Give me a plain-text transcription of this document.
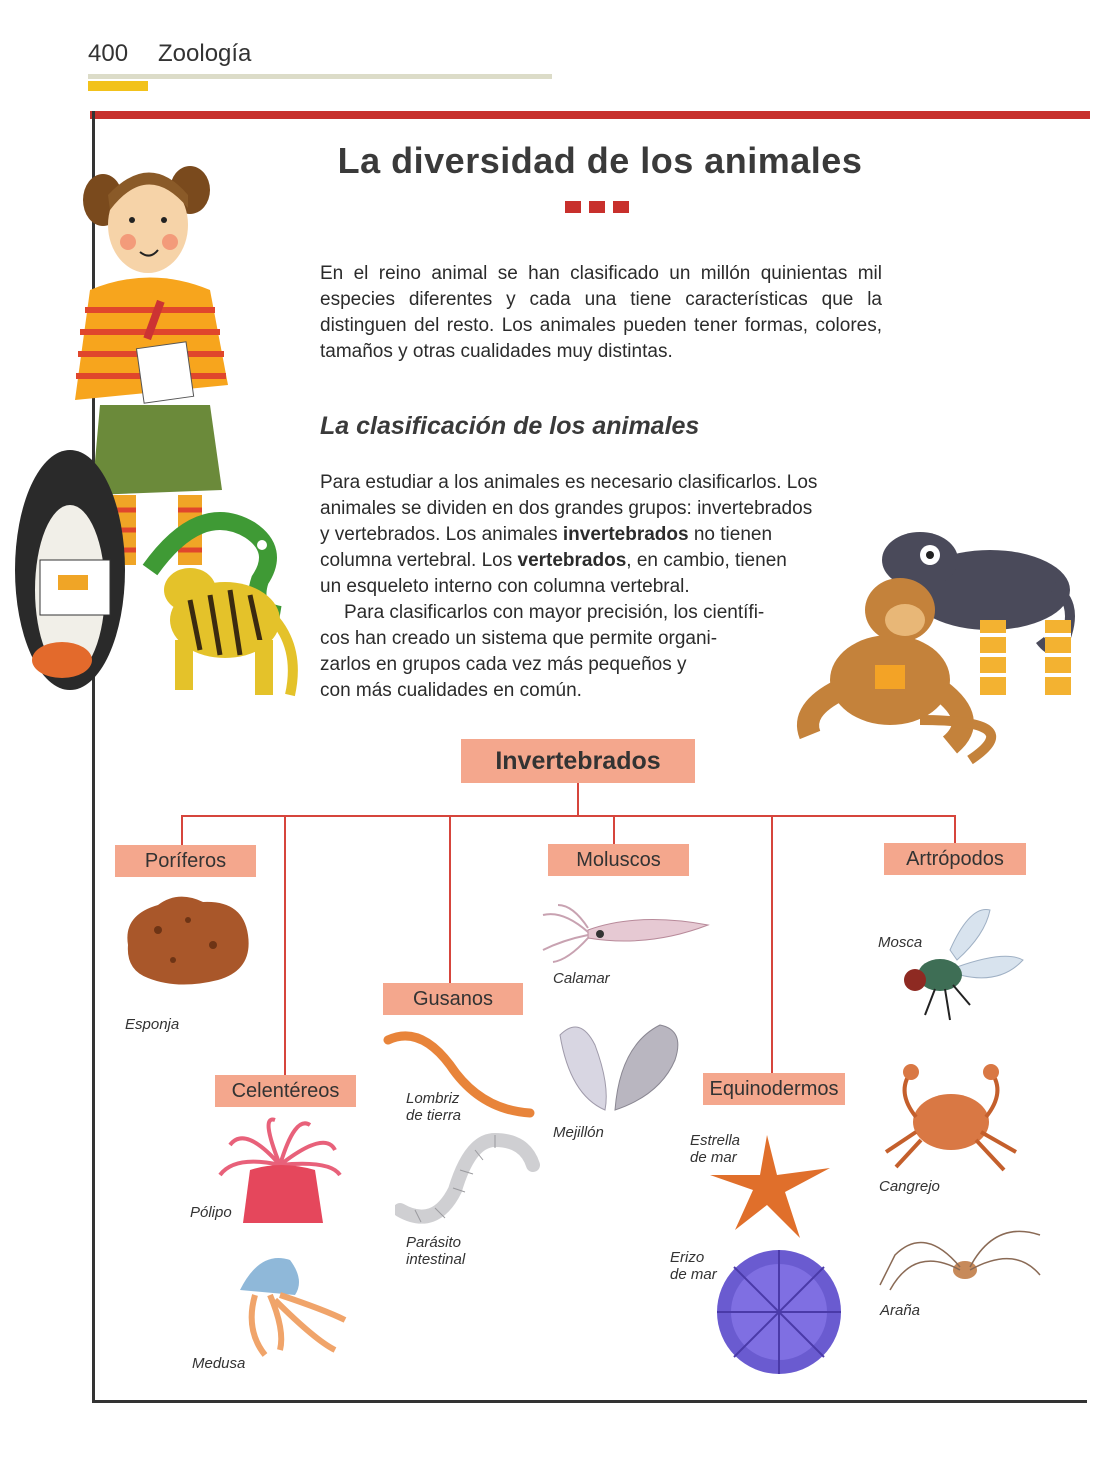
400 Zoología
La diversidad de los animales
En el reino animal se han clasificado un millón quinientas mil especies diferentes y cada una tiene características que la distinguen del resto. Los animales pueden tener formas, colores, tamaños y otras cualidades muy distintas.
La clasificación de los animales
Para estudiar a los animales es necesario clasificarlos. Los
animales se dividen en dos grandes grupos: invertebrados
y vertebrados. Los animales invertebrados no tienen
columna vertebral. Los vertebrados, en cambio, tienen
un esqueleto interno con columna vertebral.
Para clasificarlos con mayor precisión, los científi-
cos han creado un sistema que permite organi-
zarlos en grupos cada vez más pequeños y
con más cualidades en común.
Invertebrados
Poríferos	Moluscos	Artrópodos
Gusanos
Celentéreos	Equinodermos
Esponja
Pólipo
Medusa
Lombriz
de tierra
Parásito
intestinal
Calamar
Mejillón	Estrella
de mar
Erizo
de mar
Mosca
Cangrejo
Araña
